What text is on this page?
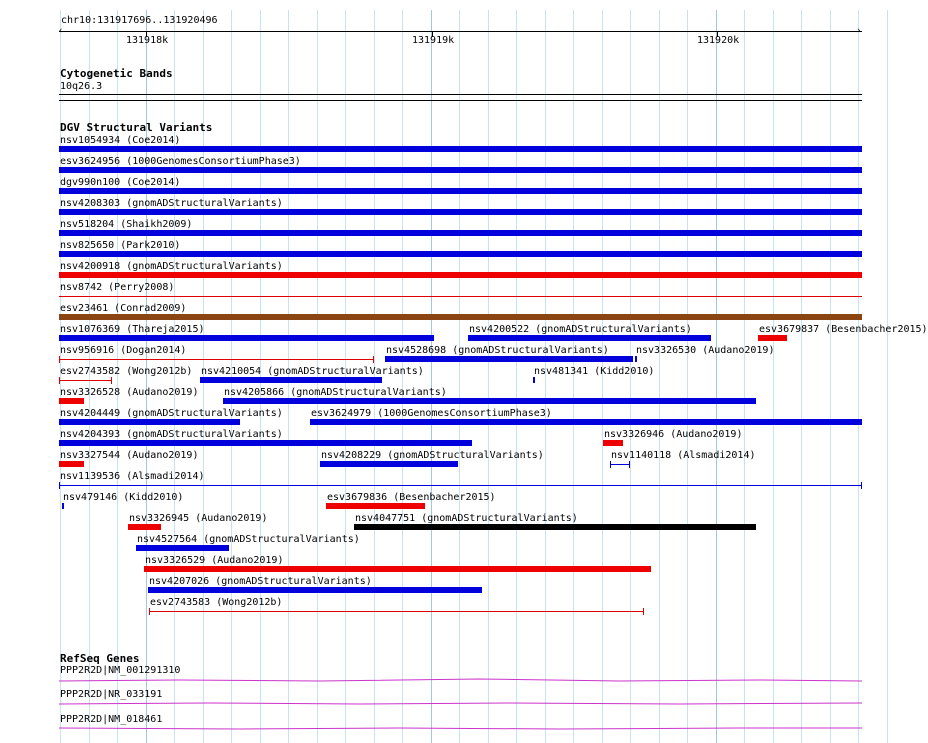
chr10:131917696..131920496
‹	›
131918k	131919k	131920k
Cytogenetic Bands
10q26.3
DGV Structural Variants
nsv1054934 (Coe2014)
esv3624956 (1000GenomesConsortiumPhase3)
dgv990n100 (Coe2014)
nsv4208303 (gnomADStructuralVariants)
nsv518204 (Shaikh2009)
nsv825650 (Park2010)
nsv4200918 (gnomADStructuralVariants)
nsv8742 (Perry2008)
esv23461 (Conrad2009)
nsv1076369 (Thareja2015)	nsv4200522 (gnomADStructuralVariants)	esv3679837 (Besenbacher2015)
nsv956916 (Dogan2014)	nsv4528698 (gnomADStructuralVariants)	nsv3326530 (Audano2019)
esv2743582 (Wong2012b) nsv4210054 (gnomADStructuralVariants)	nsv481341 (Kidd2010)
nsv3326528 (Audano2019)	nsv4205866 (gnomADStructuralVariants)
nsv4204449 (gnomADStructuralVariants)	esv3624979 (1000GenomesConsortiumPhase3)
nsv4204393 (gnomADStructuralVariants)	nsv3326946 (Audano2019)
nsv3327544 (Audano2019)	nsv4208229 (gnomADStructuralVariants)	nsv1140118 (Alsmadi2014)
nsv1139536 (Alsmadi2014)
nsv479146 (Kidd2010)	esv3679836 (Besenbacher2015)
nsv3326945 (Audano2019)	nsv4047751 (gnomADStructuralVariants)
nsv4527564 (gnomADStructuralVariants)
nsv3326529 (Audano2019)
nsv4207026 (gnomADStructuralVariants)
esv2743583 (Wong2012b)
RefSeq Genes
PPP2R2D|NM_001291310
PPP2R2D|NR_033191
PPP2R2D|NM_018461
